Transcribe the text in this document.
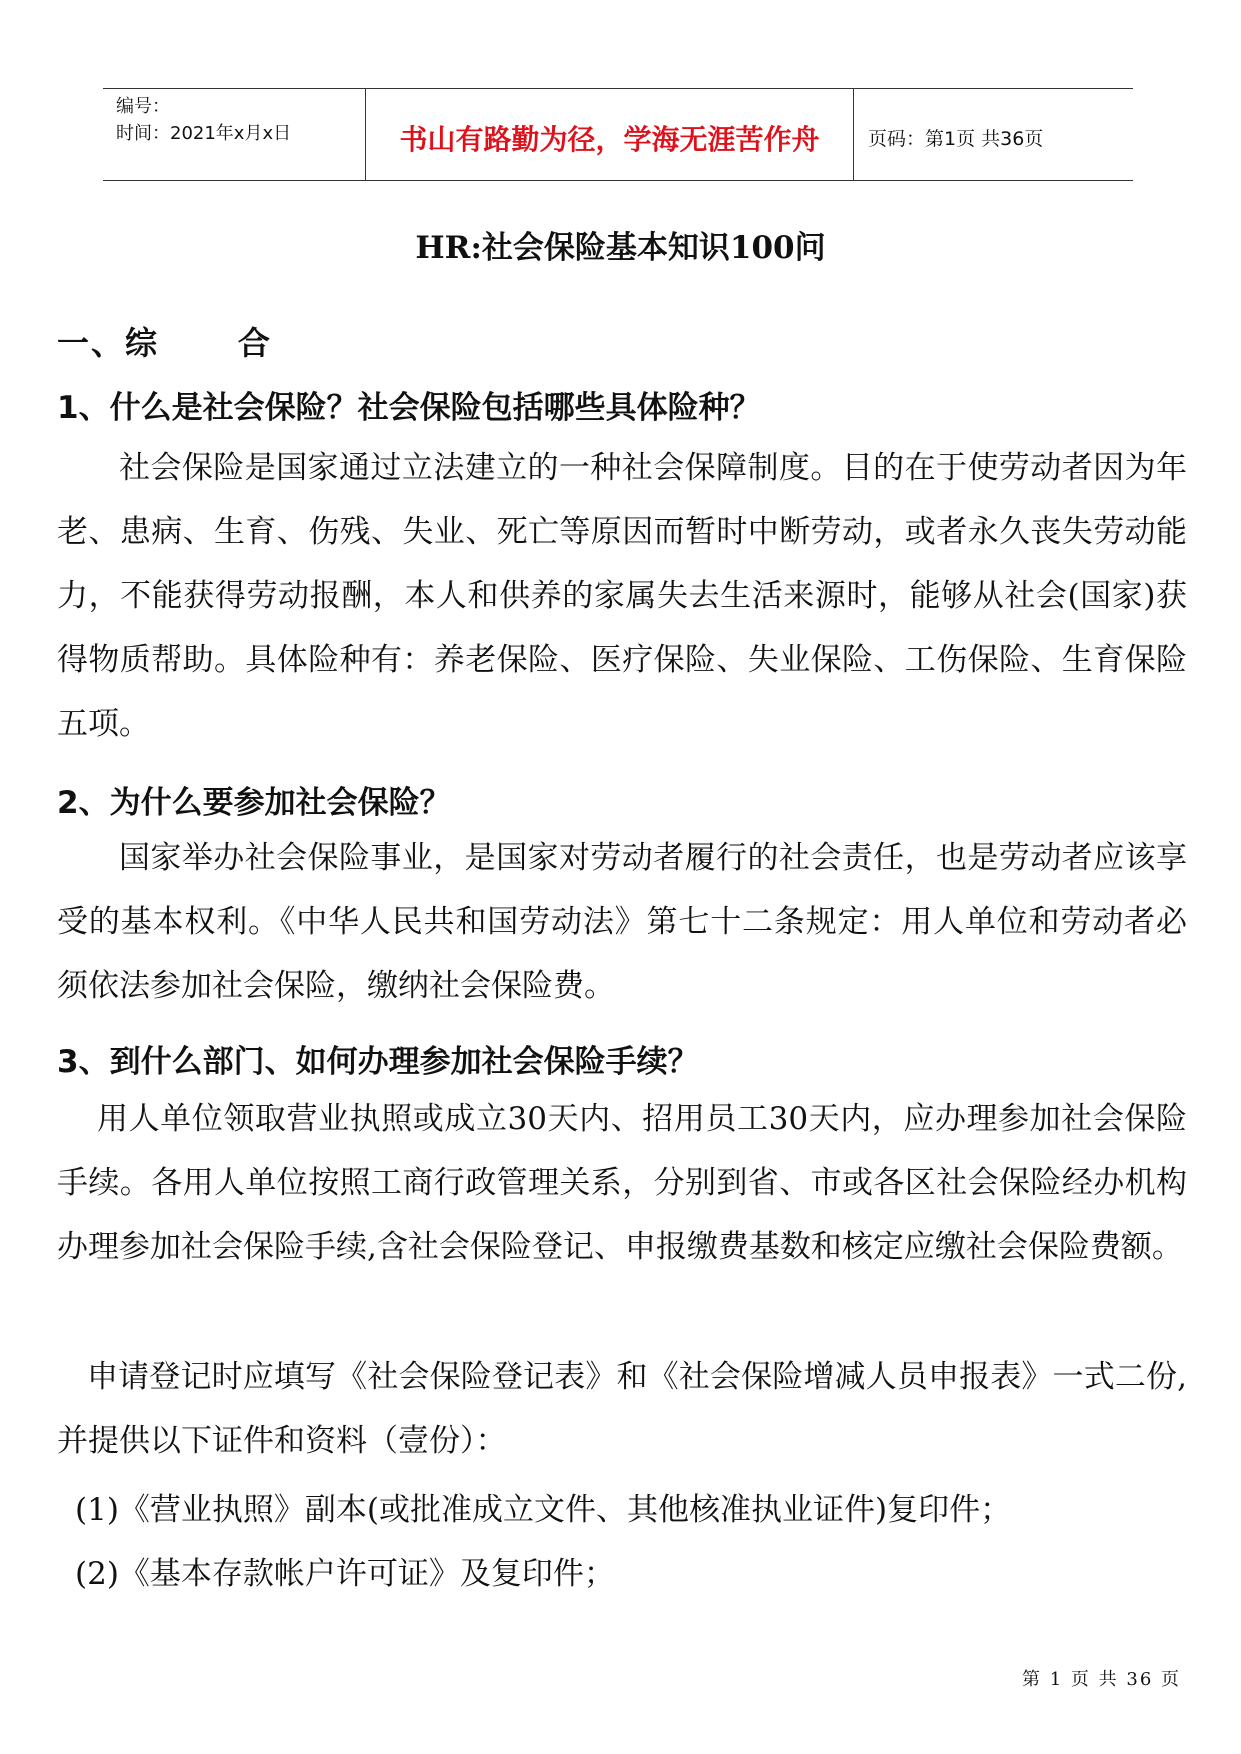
编号：
时间：2021年x月x日	书山有路勤为径，学海无涯苦作舟	页码：第1页 共36页
HR:社会保险基本知识100问
一、综      合
1、什么是社会保险？社会保险包括哪些具体险种？

社会保险是国家通过立法建立的一种社会保障制度。目的在于使劳动者因为年老、患病、生育、伤残、失业、死亡等原因而暂时中断劳动，或者永久丧失劳动能力，不能获得劳动报酬，本人和供养的家属失去生活来源时，能够从社会(国家)获得物质帮助。具体险种有：养老保险、医疗保险、失业保险、工伤保险、生育保险五项。

2、为什么要参加社会保险？

国家举办社会保险事业，是国家对劳动者履行的社会责任，也是劳动者应该享受的基本权利。《中华人民共和国劳动法》第七十二条规定：用人单位和劳动者必须依法参加社会保险，缴纳社会保险费。

3、到什么部门、如何办理参加社会保险手续？

用人单位领取营业执照或成立30天内、招用员工30天内，应办理参加社会保险手续。各用人单位按照工商行政管理关系，分别到省、市或各区社会保险经办机构办理参加社会保险手续,含社会保险登记、申报缴费基数和核定应缴社会保险费额。

申请登记时应填写《社会保险登记表》和《社会保险增减人员申报表》一式二份,并提供以下证件和资料（壹份）：

(1)《营业执照》副本(或批准成立文件、其他核准执业证件)复印件；
(2)《基本存款帐户许可证》及复印件；
第 1 页 共 36 页
